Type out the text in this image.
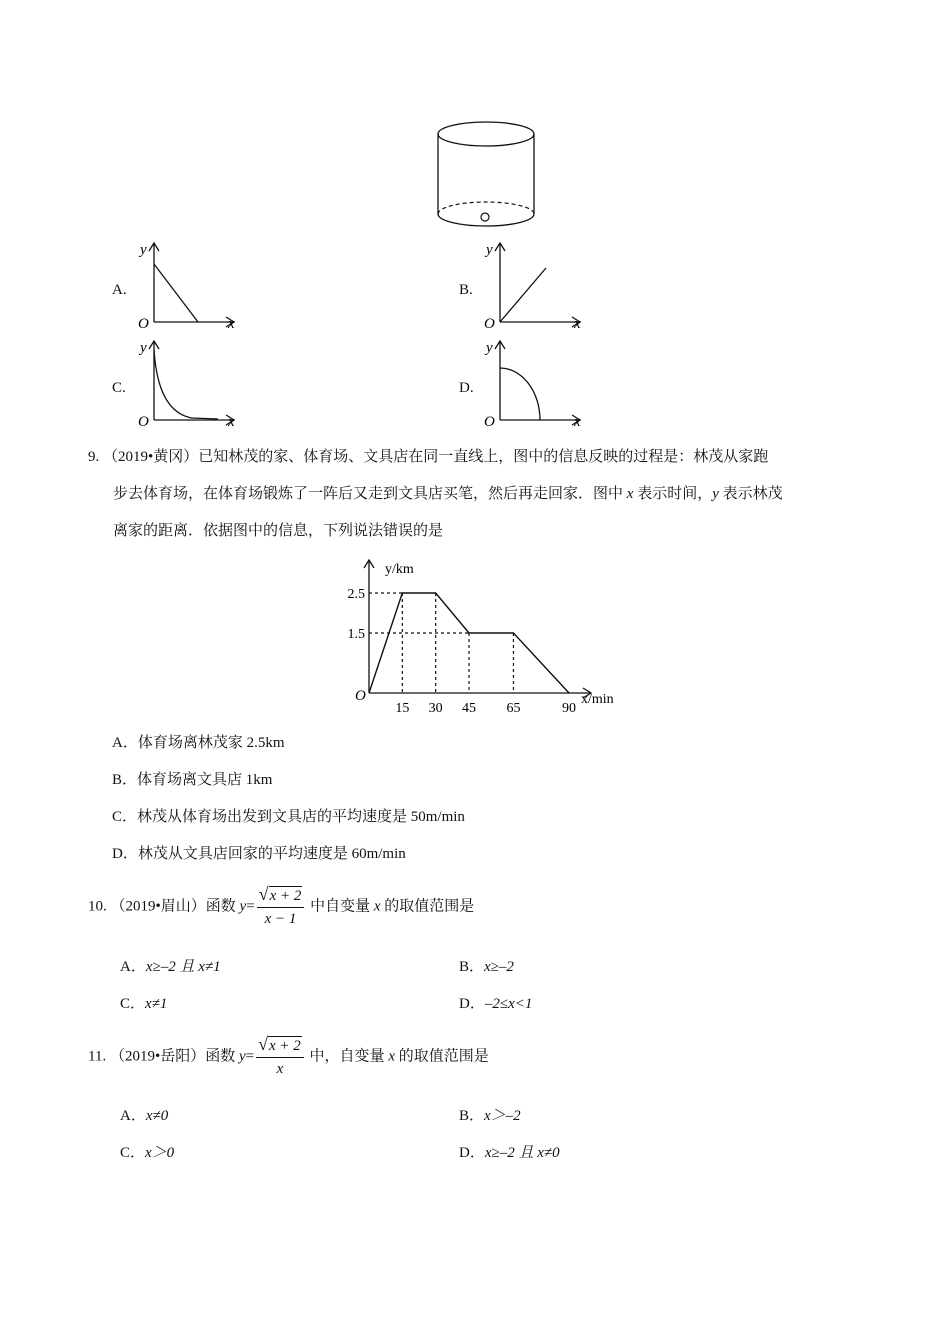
A.
y
O	x
B.
y
O	x
C.
y
O	x
D.
y
O	x
9. （2019•黄冈）已知林茂的家、体育场、文具店在同一直线上，图中的信息反映的过程是：林茂从家跑
步去体育场，在体育场锻炼了一阵后又走到文具店买笔，然后再走回家．图中 x 表示时间，y 表示林茂
离家的距离．依据图中的信息，下列说法错误的是
15 30 45 65	90
2.5
1.5
y/km
O	x/min
A．体育场离林茂家 2.5km
B．体育场离文具店 1km
C．林茂从体育场出发到文具店的平均速度是 50m/min
D．林茂从文具店回家的平均速度是 60m/min
10. （2019•眉山）函数 $y= \frac{√x + 2}{x - 1}$ 中自变量 x 的取值范围是
A．x≥–2 且 x≠1	B．x≥–2
C．x≠1	D．–2≤x<1
11. （2019•岳阳）函数 $y= \frac{√x + 2}{x}$ 中，自变量 x 的取值范围是
A．x≠0	B．x＞–2
C．x＞0	D．x≥–2 且 x≠0
